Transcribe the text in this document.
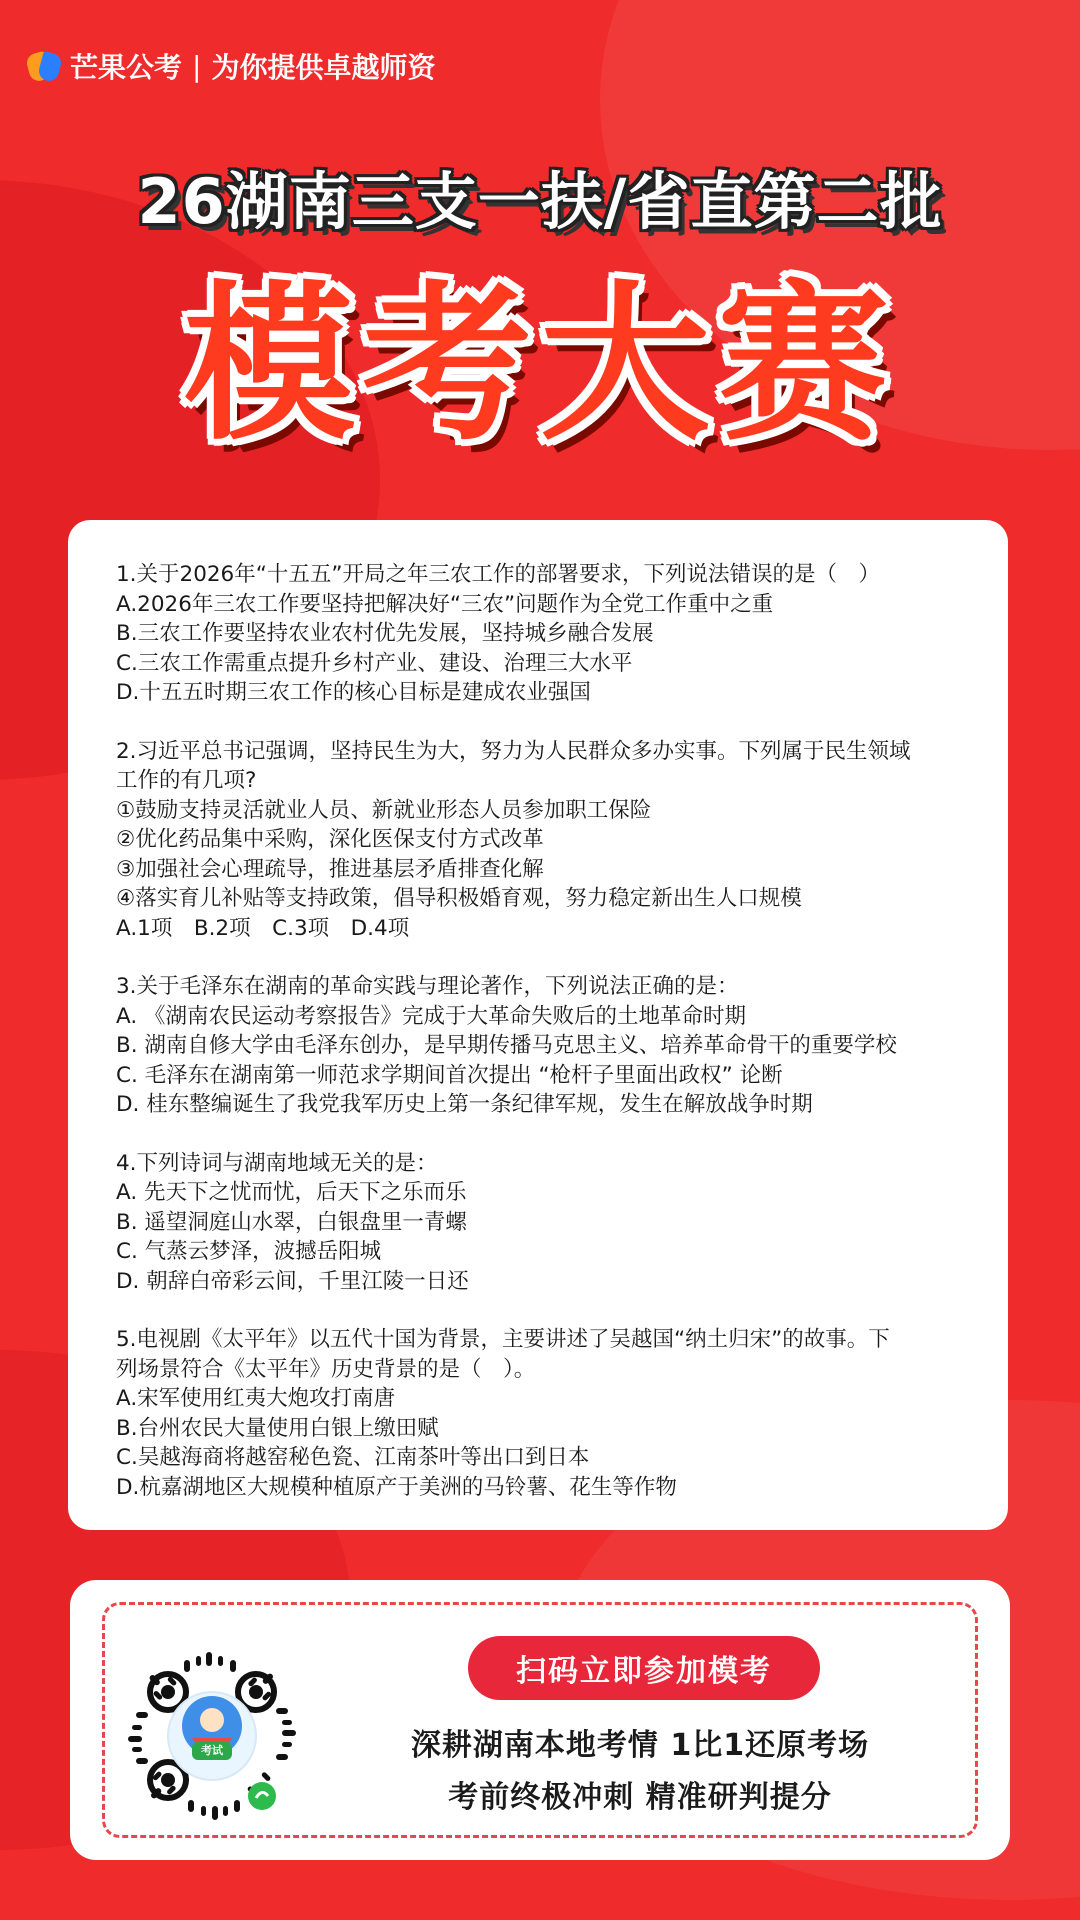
芒果公考 | 为你提供卓越师资
26湖南三支一扶/省直第二批
模考大赛
1.关于2026年“十五五”开局之年三农工作的部署要求，下列说法错误的是（　）
A.2026年三农工作要坚持把解决好“三农”问题作为全党工作重中之重
B.三农工作要坚持农业农村优先发展，坚持城乡融合发展
C.三农工作需重点提升乡村产业、建设、治理三大水平
D.十五五时期三农工作的核心目标是建成农业强国
2.习近平总书记强调，坚持民生为大，努力为人民群众多办实事。下列属于民生领域
工作的有几项?
①鼓励支持灵活就业人员、新就业形态人员参加职工保险
②优化药品集中采购，深化医保支付方式改革
③加强社会心理疏导，推进基层矛盾排查化解
④落实育儿补贴等支持政策，倡导积极婚育观，努力稳定新出生人口规模
A.1项　B.2项　C.3项　D.4项
3.关于毛泽东在湖南的革命实践与理论著作，下列说法正确的是：
A. 《湖南农民运动考察报告》完成于大革命失败后的土地革命时期
B. 湖南自修大学由毛泽东创办，是早期传播马克思主义、培养革命骨干的重要学校
C. 毛泽东在湖南第一师范求学期间首次提出 “枪杆子里面出政权” 论断
D. 桂东整编诞生了我党我军历史上第一条纪律军规，发生在解放战争时期
4.下列诗词与湖南地域无关的是：
A. 先天下之忧而忧，后天下之乐而乐
B. 遥望洞庭山水翠，白银盘里一青螺
C. 气蒸云梦泽，波撼岳阳城
D. 朝辞白帝彩云间，千里江陵一日还
5.电视剧《太平年》以五代十国为背景，主要讲述了吴越国“纳土归宋”的故事。下
列场景符合《太平年》历史背景的是（　）。
A.宋军使用红夷大炮攻打南唐
B.台州农民大量使用白银上缴田赋
C.吴越海商将越窑秘色瓷、江南茶叶等出口到日本
D.杭嘉湖地区大规模种植原产于美洲的马铃薯、花生等作物
考试
扫码立即参加模考
深耕湖南本地考情 1比1还原考场
考前终极冲刺 精准研判提分
